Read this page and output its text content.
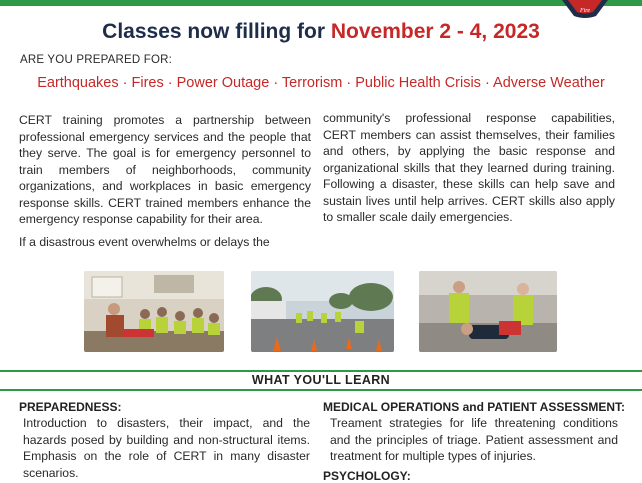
Fire
Classes now filling for November 2 - 4, 2023
ARE YOU PREPARED FOR:
Earthquakes · Fires · Power Outage · Terrorism · Public Health Crisis · Adverse Weather

CERT training promotes a partnership between professional emergency services and the people that they serve. The goal is for emergency personnel to train members of neighborhoods, community organizations, and workplaces in basic emergency response skills. CERT trained members enhance the emergency response capability for their area.

If a disastrous event overwhelms or delays the

community's professional response capabilities, CERT members can assist themselves, their families and others, by applying the basic response and organizational skills that they learned during training. Following a disaster, these skills can help save and sustain lives until help arrives. CERT skills also apply to smaller scale daily emergencies.

WHAT YOU'LL LEARN
PREPAREDNESS:
Introduction to disasters, their impact, and the hazards posed by building and non-structural items. Emphasis on the role of CERT in many disaster scenarios.
MEDICAL OPERATIONS and PATIENT ASSESSMENT:
Treament strategies for life threatening conditions and the principles of triage. Patient assessment and treatment for multiple types of injuries.
PSYCHOLOGY:
